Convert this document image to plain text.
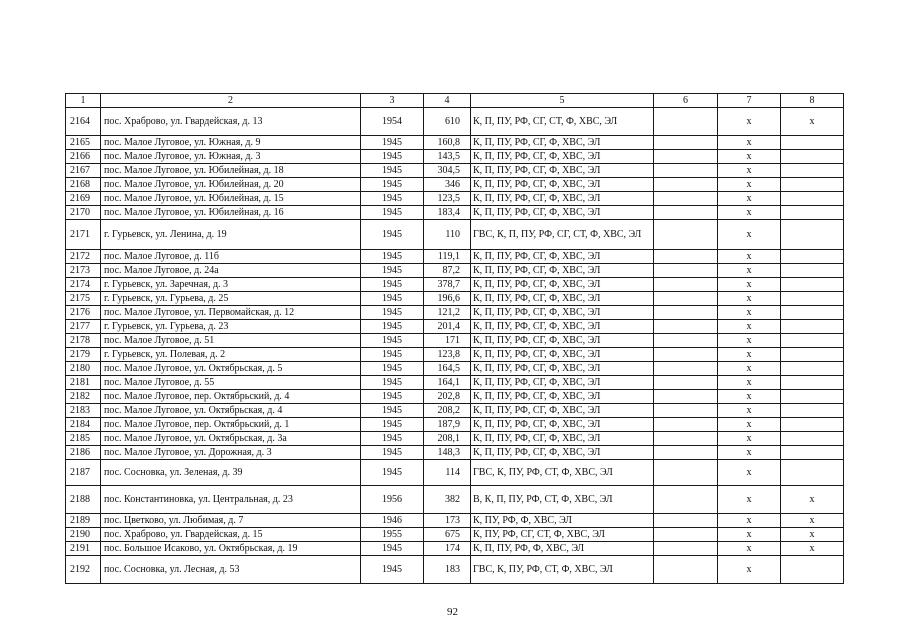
1	2	3	4	5	6	7	8
2164	пос. Храброво, ул. Гвардейская, д. 13	1954	610	К, П, ПУ, РФ, СГ, СТ, Ф, ХВС, ЭЛ		х	х
2165	пос. Малое Луговое, ул. Южная, д. 9	1945	160,8	К, П, ПУ, РФ, СГ, Ф, ХВС, ЭЛ		х	
2166	пос. Малое Луговое, ул. Южная, д. 3	1945	143,5	К, П, ПУ, РФ, СГ, Ф, ХВС, ЭЛ		х	
2167	пос. Малое Луговое, ул. Юбилейная, д. 18	1945	304,5	К, П, ПУ, РФ, СГ, Ф, ХВС, ЭЛ		х	
2168	пос. Малое Луговое, ул. Юбилейная, д. 20	1945	346	К, П, ПУ, РФ, СГ, Ф, ХВС, ЭЛ		х	
2169	пос. Малое Луговое, ул. Юбилейная, д. 15	1945	123,5	К, П, ПУ, РФ, СГ, Ф, ХВС, ЭЛ		х	
2170	пос. Малое Луговое, ул. Юбилейная, д. 16	1945	183,4	К, П, ПУ, РФ, СГ, Ф, ХВС, ЭЛ		х	
2171	г. Гурьевск, ул. Ленина, д. 19	1945	110	ГВС, К, П, ПУ, РФ, СГ, СТ, Ф, ХВС, ЭЛ		х	
2172	пос. Малое Луговое, д. 11б	1945	119,1	К, П, ПУ, РФ, СГ, Ф, ХВС, ЭЛ		х	
2173	пос. Малое Луговое, д. 24а	1945	87,2	К, П, ПУ, РФ, СГ, Ф, ХВС, ЭЛ		х	
2174	г. Гурьевск, ул. Заречная, д. 3	1945	378,7	К, П, ПУ, РФ, СГ, Ф, ХВС, ЭЛ		х	
2175	г. Гурьевск, ул. Гурьева, д. 25	1945	196,6	К, П, ПУ, РФ, СГ, Ф, ХВС, ЭЛ		х	
2176	пос. Малое Луговое, ул. Первомайская, д. 12	1945	121,2	К, П, ПУ, РФ, СГ, Ф, ХВС, ЭЛ		х	
2177	г. Гурьевск, ул. Гурьева, д. 23	1945	201,4	К, П, ПУ, РФ, СГ, Ф, ХВС, ЭЛ		х	
2178	пос. Малое Луговое, д. 51	1945	171	К, П, ПУ, РФ, СГ, Ф, ХВС, ЭЛ		х	
2179	г. Гурьевск, ул. Полевая, д. 2	1945	123,8	К, П, ПУ, РФ, СГ, Ф, ХВС, ЭЛ		х	
2180	пос. Малое Луговое, ул. Октябрьская, д. 5	1945	164,5	К, П, ПУ, РФ, СГ, Ф, ХВС, ЭЛ		х	
2181	пос. Малое Луговое, д. 55	1945	164,1	К, П, ПУ, РФ, СГ, Ф, ХВС, ЭЛ		х	
2182	пос. Малое Луговое, пер. Октябрьский, д. 4	1945	202,8	К, П, ПУ, РФ, СГ, Ф, ХВС, ЭЛ		х	
2183	пос. Малое Луговое, ул. Октябрьская, д. 4	1945	208,2	К, П, ПУ, РФ, СГ, Ф, ХВС, ЭЛ		х	
2184	пос. Малое Луговое, пер. Октябрьский, д. 1	1945	187,9	К, П, ПУ, РФ, СГ, Ф, ХВС, ЭЛ		х	
2185	пос. Малое Луговое, ул. Октябрьская, д. 3а	1945	208,1	К, П, ПУ, РФ, СГ, Ф, ХВС, ЭЛ		х	
2186	пос. Малое Луговое, ул. Дорожная, д. 3	1945	148,3	К, П, ПУ, РФ, СГ, Ф, ХВС, ЭЛ		х	
2187	пос. Сосновка, ул. Зеленая, д. 39	1945	114	ГВС, К, ПУ, РФ, СТ, Ф, ХВС, ЭЛ		х	
2188	пос. Константиновка, ул. Центральная, д. 23	1956	382	В, К, П, ПУ, РФ, СТ, Ф, ХВС, ЭЛ		х	х
2189	пос. Цветково, ул. Любимая, д. 7	1946	173	К, ПУ, РФ, Ф, ХВС, ЭЛ		х	х
2190	пос. Храброво, ул. Гвардейская, д. 15	1955	675	К, ПУ, РФ, СГ, СТ, Ф, ХВС, ЭЛ		х	х
2191	пос. Большое Исаково, ул. Октябрьская, д. 19	1945	174	К, П, ПУ, РФ, Ф, ХВС, ЭЛ		х	х
2192	пос. Сосновка, ул. Лесная, д. 53	1945	183	ГВС, К, ПУ, РФ, СТ, Ф, ХВС, ЭЛ		х	
92
